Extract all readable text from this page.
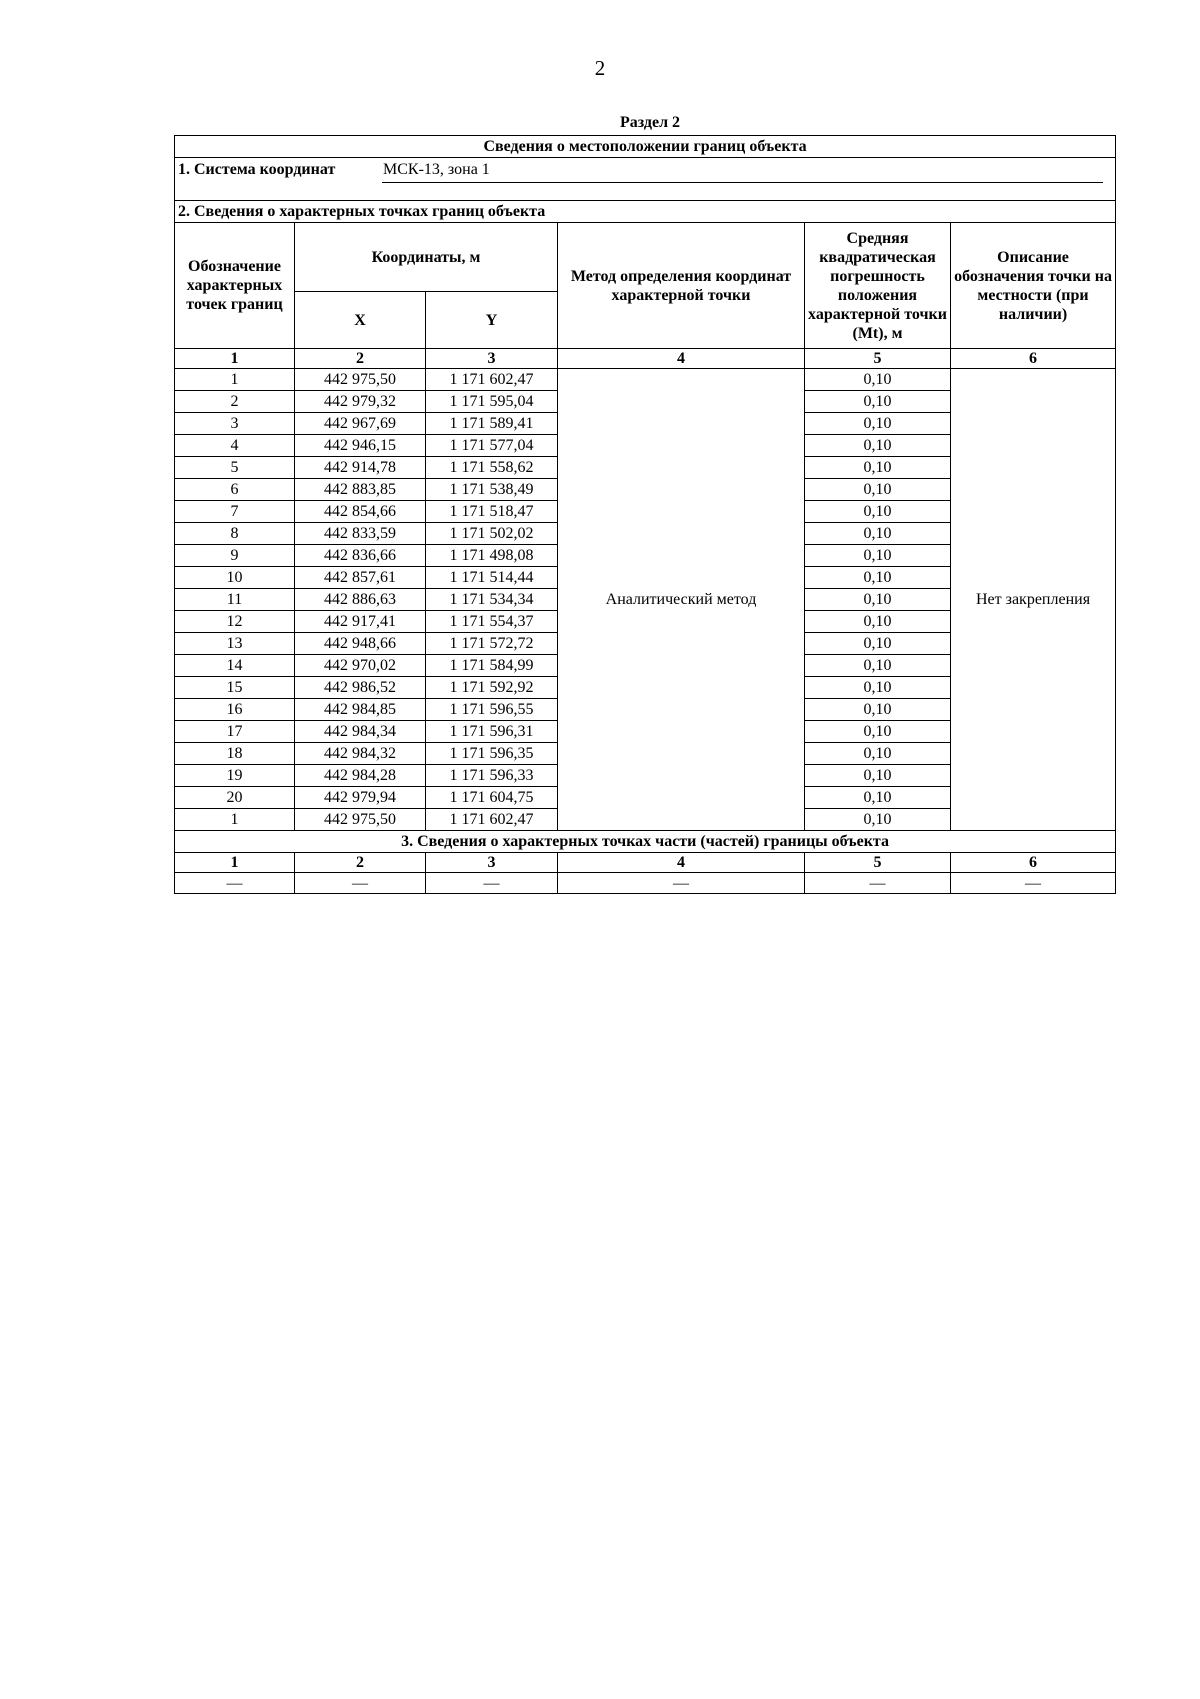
2
Раздел 2
Сведения о местоположении границ объекта					
1. Система координат МСК-13, зона 1					

2. Сведения о характерных точках границ объекта					
Обозначение характерных точек границ	Координаты, м		Метод определения координат характерной точки	Средняя квадратическая погрешность положения характерной точки (Mt), м	Описание обозначения точки на местности (при наличии)
	X	Y			
1	2	3	4	5	6
1	442 975,50	1 171 602,47	Аналитический метод	0,10	Нет закрепления
2	442 979,32	1 171 595,04		0,10	
3	442 967,69	1 171 589,41		0,10	
4	442 946,15	1 171 577,04		0,10	
5	442 914,78	1 171 558,62		0,10	
6	442 883,85	1 171 538,49		0,10	
7	442 854,66	1 171 518,47		0,10	
8	442 833,59	1 171 502,02		0,10	
9	442 836,66	1 171 498,08		0,10	
10	442 857,61	1 171 514,44		0,10	
11	442 886,63	1 171 534,34		0,10	
12	442 917,41	1 171 554,37		0,10	
13	442 948,66	1 171 572,72		0,10	
14	442 970,02	1 171 584,99		0,10	
15	442 986,52	1 171 592,92		0,10	
16	442 984,85	1 171 596,55		0,10	
17	442 984,34	1 171 596,31		0,10	
18	442 984,32	1 171 596,35		0,10	
19	442 984,28	1 171 596,33		0,10	
20	442 979,94	1 171 604,75		0,10	
1	442 975,50	1 171 602,47		0,10	
3. Сведения о характерных точках части (частей) границы объекта					
1	2	3	4	5	6
—	—	—	—	—	—
